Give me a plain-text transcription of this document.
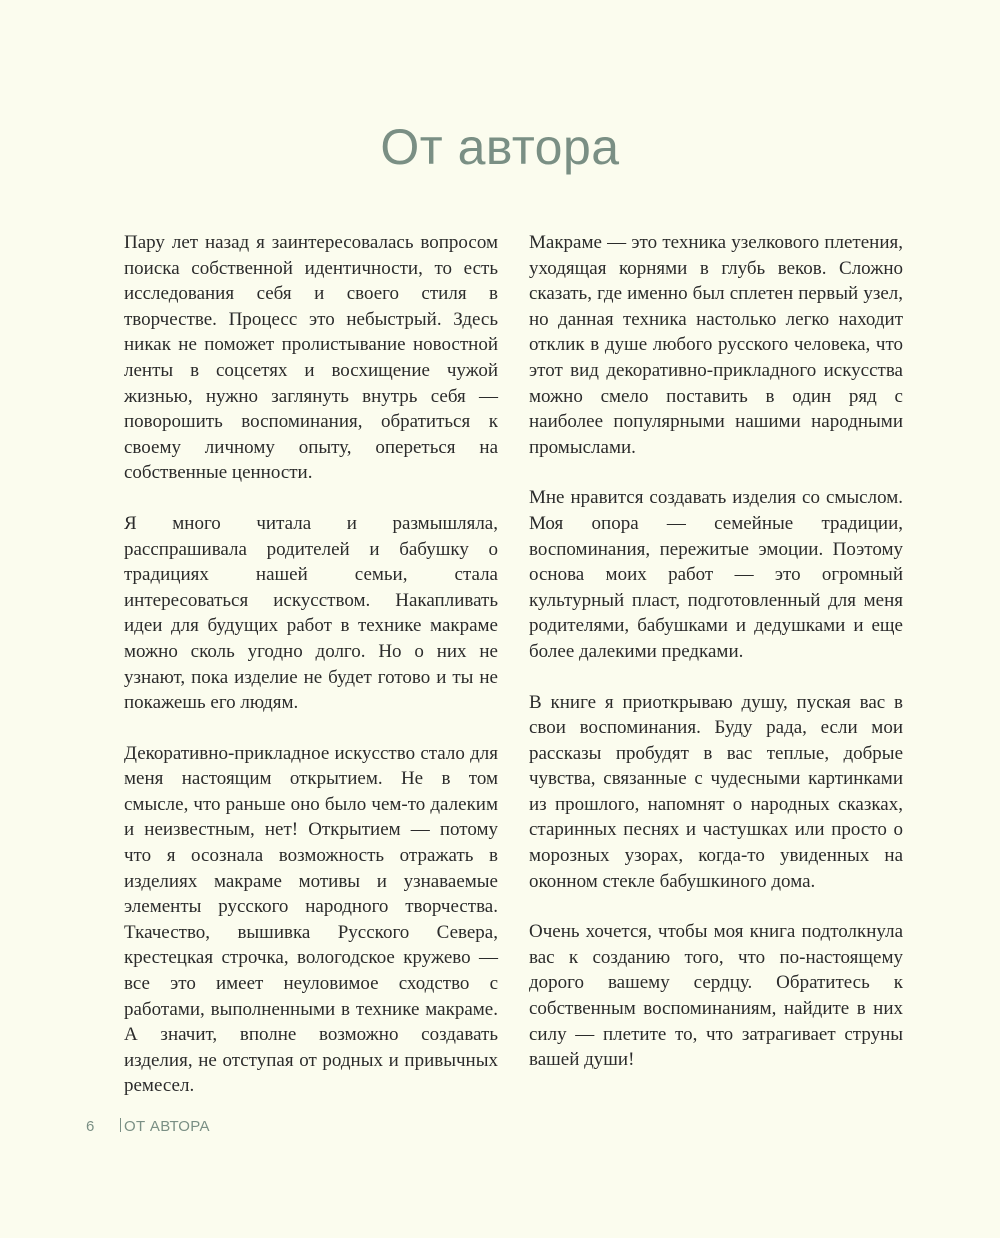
От автора

Пару лет назад я заинтересовалась вопросом поиска собственной идентичности, то есть исследования себя и своего стиля в творчестве. Процесс это небыстрый. Здесь никак не поможет пролистывание новостной ленты в соцсетях и восхищение чужой жизнью, нужно заглянуть внутрь себя — поворошить воспоминания, обратиться к своему личному опыту, опереться на собственные ценности.

Я много читала и размышляла, расспрашивала родителей и бабушку о традициях нашей семьи, стала интересоваться искусством. Накапливать идеи для будущих работ в технике макраме можно сколь угодно долго. Но о них не узнают, пока изделие не будет готово и ты не покажешь его людям.

Декоративно-прикладное искусство стало для меня настоящим открытием. Не в том смысле, что раньше оно было чем-то далеким и неизвестным, нет! Открытием — потому что я осознала возможность отражать в изделиях макраме мотивы и узнаваемые элементы русского народного творчества. Ткачество, вышивка Русского Севера, крестецкая строчка, вологодское кружево — все это имеет неуловимое сходство с работами, выполненными в технике макраме. А значит, вполне возможно создавать изделия, не отступая от родных и привычных ремесел.

Макраме — это техника узелкового плетения, уходящая корнями в глубь веков. Сложно сказать, где именно был сплетен первый узел, но данная техника настолько легко находит отклик в душе любого русского человека, что этот вид декоративно-прикладного искусства можно смело поставить в один ряд с наиболее популярными нашими народными промыслами.

Мне нравится создавать изделия со смыслом. Моя опора — семейные традиции, воспоминания, пережитые эмоции. Поэтому основа моих работ — это огромный культурный пласт, подготовленный для меня родителями, бабушками и дедушками и еще более далекими предками.

В книге я приоткрываю душу, пуская вас в свои воспоминания. Буду рада, если мои рассказы пробудят в вас теплые, добрые чувства, связанные с чудесными картинками из прошлого, напомнят о народных сказках, старинных песнях и частушках или просто о морозных узорах, когда-то увиденных на оконном стекле бабушкиного дома.

Очень хочется, чтобы моя книга подтолкнула вас к созданию того, что по-настоящему дорого вашему сердцу. Обратитесь к собственным воспоминаниям, найдите в них силу — плетите то, что затрагивает струны вашей души!

6 ОТ АВТОРА
